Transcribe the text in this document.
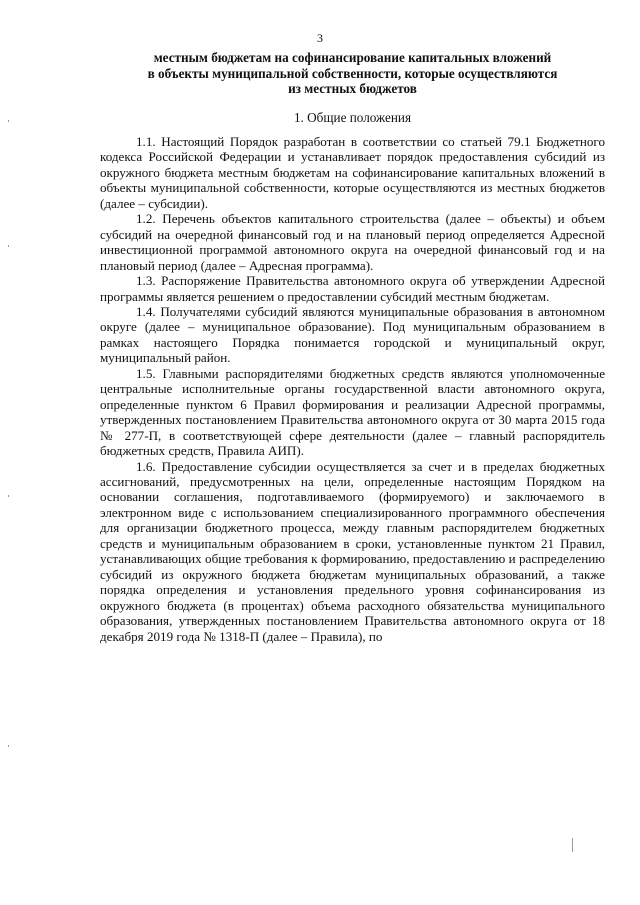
3
местным бюджетам на софинансирование капитальных вложений
в объекты муниципальной собственности, которые осуществляются
из местных бюджетов
1. Общие положения

1.1. Настоящий Порядок разработан в соответствии со статьей 79.1 Бюджетного кодекса Российской Федерации и устанавливает порядок предоставления субсидий из окружного бюджета местным бюджетам на софинансирование капитальных вложений в объекты муниципальной собственности, которые осуществляются из местных бюджетов (далее – субсидии).

1.2. Перечень объектов капитального строительства (далее – объекты) и объем субсидий на очередной финансовый год и на плановый период определяется Адресной инвестиционной программой автономного округа на очередной финансовый год и на плановый период (далее – Адресная программа).

1.3. Распоряжение Правительства автономного округа об утверждении Адресной программы является решением о предоставлении субсидий местным бюджетам.

1.4. Получателями субсидий являются муниципальные образования в автономном округе (далее – муниципальное образование). Под муниципальным образованием в рамках настоящего Порядка понимается городской и муниципальный округ, муниципальный район.

1.5. Главными распорядителями бюджетных средств являются уполномоченные центральные исполнительные органы государственной власти автономного округа, определенные пунктом 6 Правил формирования и реализации Адресной программы, утвержденных постановлением Правительства автономного округа от 30 марта 2015 года № 277-П, в соответствующей сфере деятельности (далее – главный распорядитель бюджетных средств, Правила АИП).

1.6. Предоставление субсидии осуществляется за счет и в пределах бюджетных ассигнований, предусмотренных на цели, определенные настоящим Порядком на основании соглашения, подготавливаемого (формируемого) и заключаемого в электронном виде с использованием специализированного программного обеспечения для организации бюджетного процесса, между главным распорядителем бюджетных средств и муниципальным образованием в сроки, установленные пунктом 21 Правил, устанавливающих общие требования к формированию, предоставлению и распределению субсидий из окружного бюджета бюджетам муниципальных образований, а также порядка определения и установления предельного уровня софинансирования из окружного бюджета (в процентах) объема расходного обязательства муниципального образования, утвержденных постановлением Правительства автономного округа от 18 декабря 2019 года № 1318-П (далее – Правила), по
